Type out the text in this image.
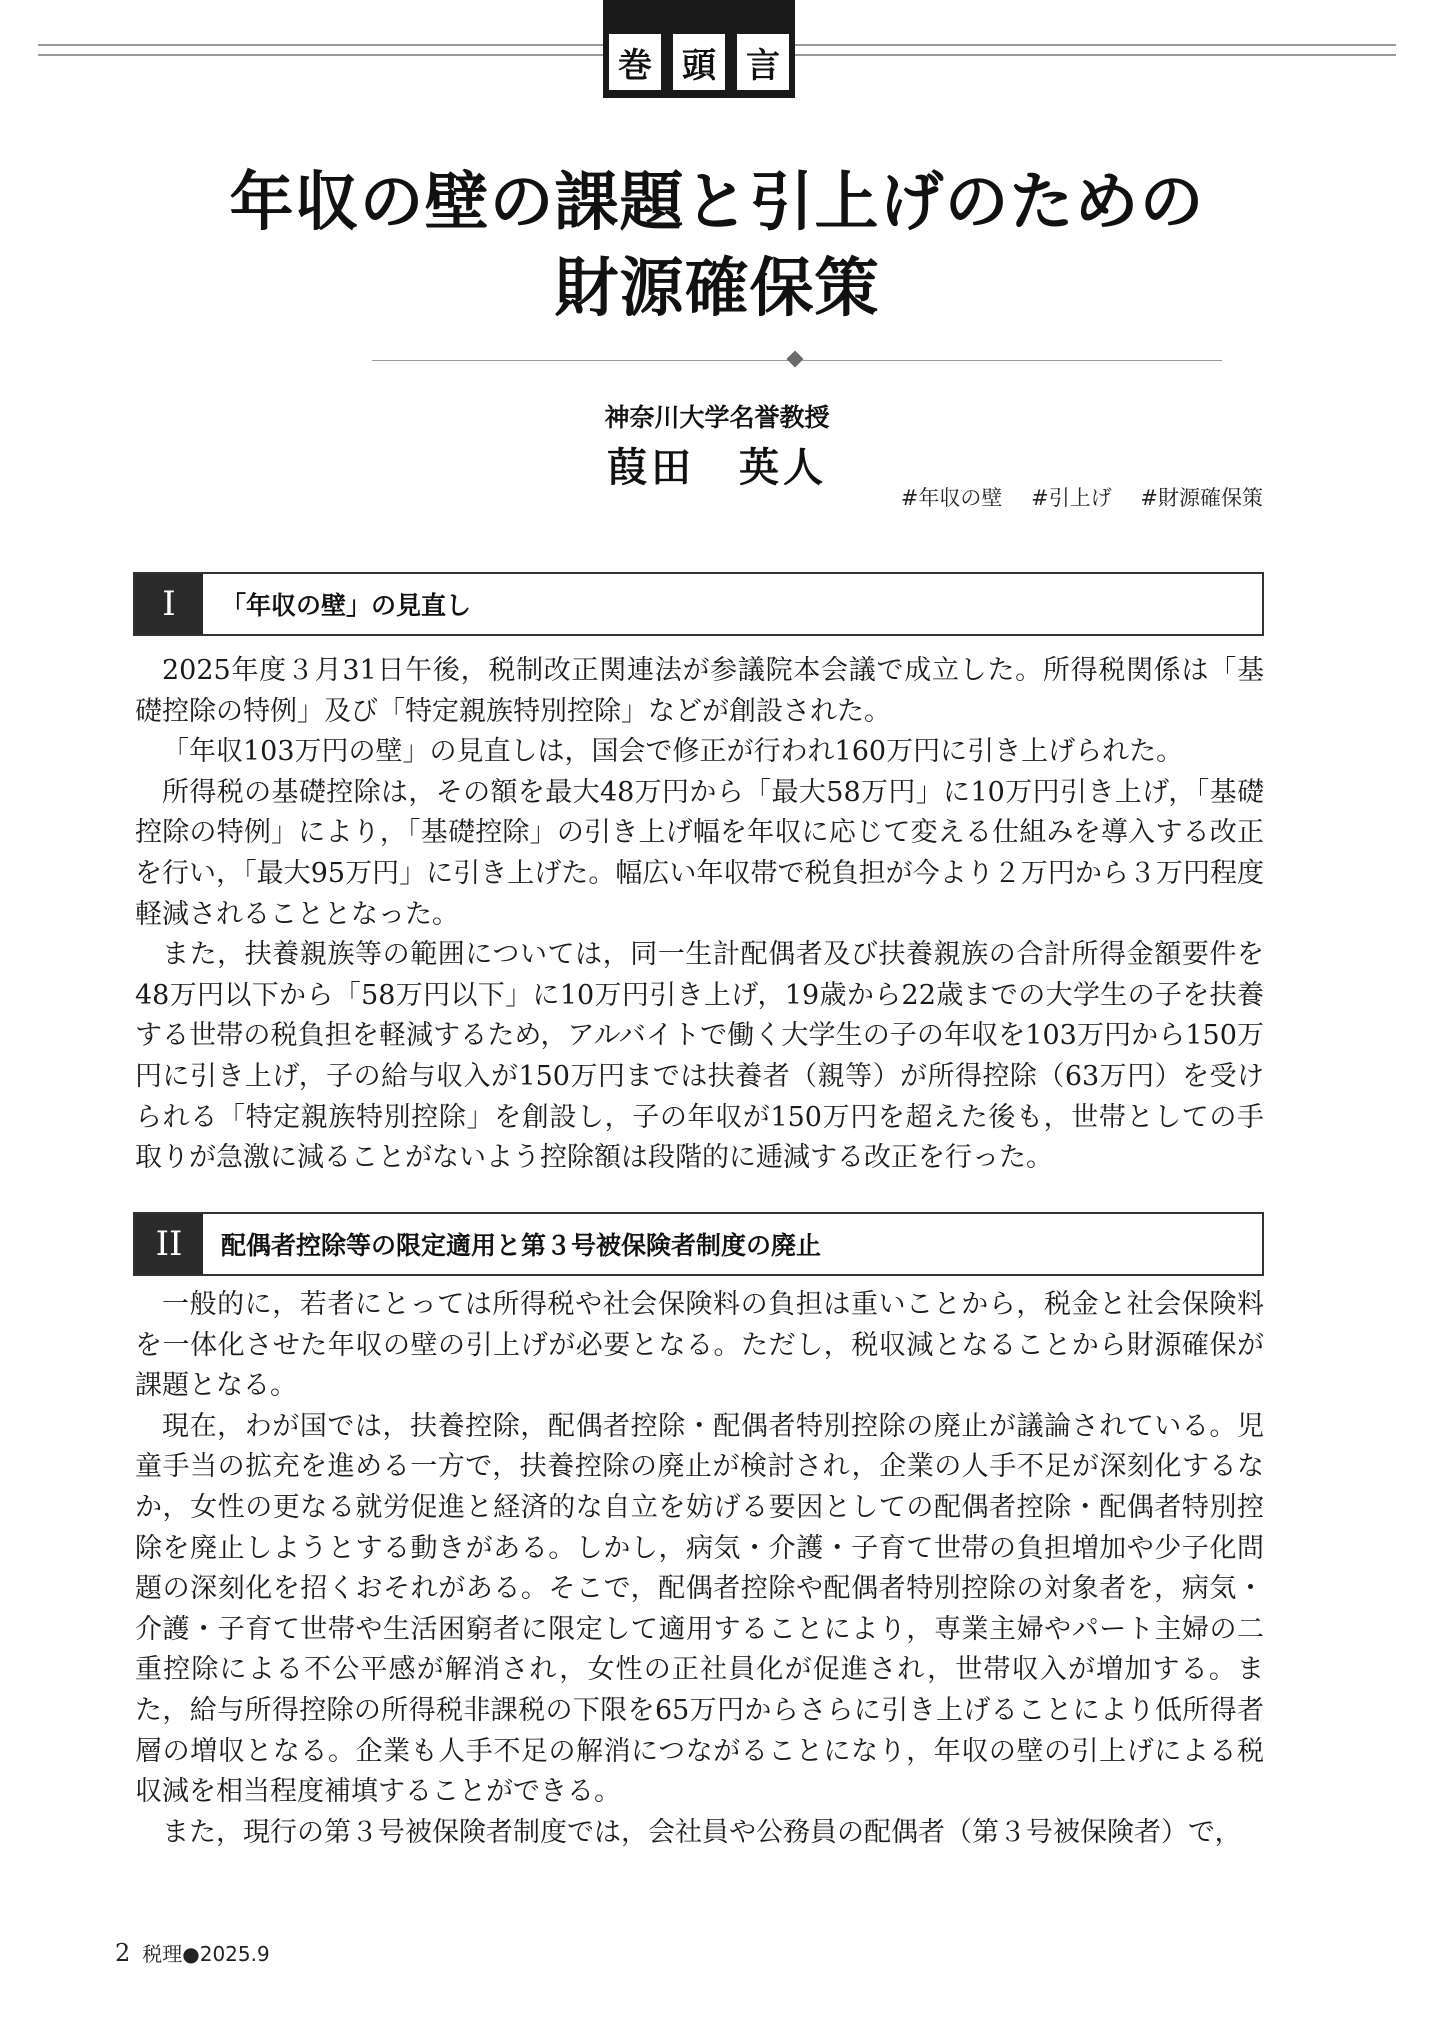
巻 頭 言
年収の壁の課題と引上げのための
財源確保策
神奈川大学名誉教授
葭田　英人
#年収の壁 #引上げ #財源確保策
I	「年収の壁」の見直し

2025年度３月31日午後，税制改正関連法が参議院本会議で成立した。所得税関係は「基礎控除の特例」及び「特定親族特別控除」などが創設された。

「年収103万円の壁」の見直しは，国会で修正が行われ160万円に引き上げられた。

所得税の基礎控除は，その額を最大48万円から「最大58万円」に10万円引き上げ，「基礎控除の特例」により，「基礎控除」の引き上げ幅を年収に応じて変える仕組みを導入する改正を行い，「最大95万円」に引き上げた。幅広い年収帯で税負担が今より２万円から３万円程度軽減されることとなった。

また，扶養親族等の範囲については，同一生計配偶者及び扶養親族の合計所得金額要件を48万円以下から「58万円以下」に10万円引き上げ，19歳から22歳までの大学生の子を扶養する世帯の税負担を軽減するため，アルバイトで働く大学生の子の年収を103万円から150万円に引き上げ，子の給与収入が150万円までは扶養者（親等）が所得控除（63万円）を受けられる「特定親族特別控除」を創設し，子の年収が150万円を超えた後も，世帯としての手取りが急激に減ることがないよう控除額は段階的に逓減する改正を行った。

II	配偶者控除等の限定適用と第３号被保険者制度の廃止

一般的に，若者にとっては所得税や社会保険料の負担は重いことから，税金と社会保険料を一体化させた年収の壁の引上げが必要となる。ただし，税収減となることから財源確保が課題となる。

現在，わが国では，扶養控除，配偶者控除・配偶者特別控除の廃止が議論されている。児童手当の拡充を進める一方で，扶養控除の廃止が検討され，企業の人手不足が深刻化するなか，女性の更なる就労促進と経済的な自立を妨げる要因としての配偶者控除・配偶者特別控除を廃止しようとする動きがある。しかし，病気・介護・子育て世帯の負担増加や少子化問題の深刻化を招くおそれがある。そこで，配偶者控除や配偶者特別控除の対象者を，病気・介護・子育て世帯や生活困窮者に限定して適用することにより，専業主婦やパート主婦の二重控除による不公平感が解消され，女性の正社員化が促進され，世帯収入が増加する。また，給与所得控除の所得税非課税の下限を65万円からさらに引き上げることにより低所得者層の増収となる。企業も人手不足の解消につながることになり，年収の壁の引上げによる税収減を相当程度補填することができる。

また，現行の第３号被保険者制度では，会社員や公務員の配偶者（第３号被保険者）で，

2 税理●2025.9
